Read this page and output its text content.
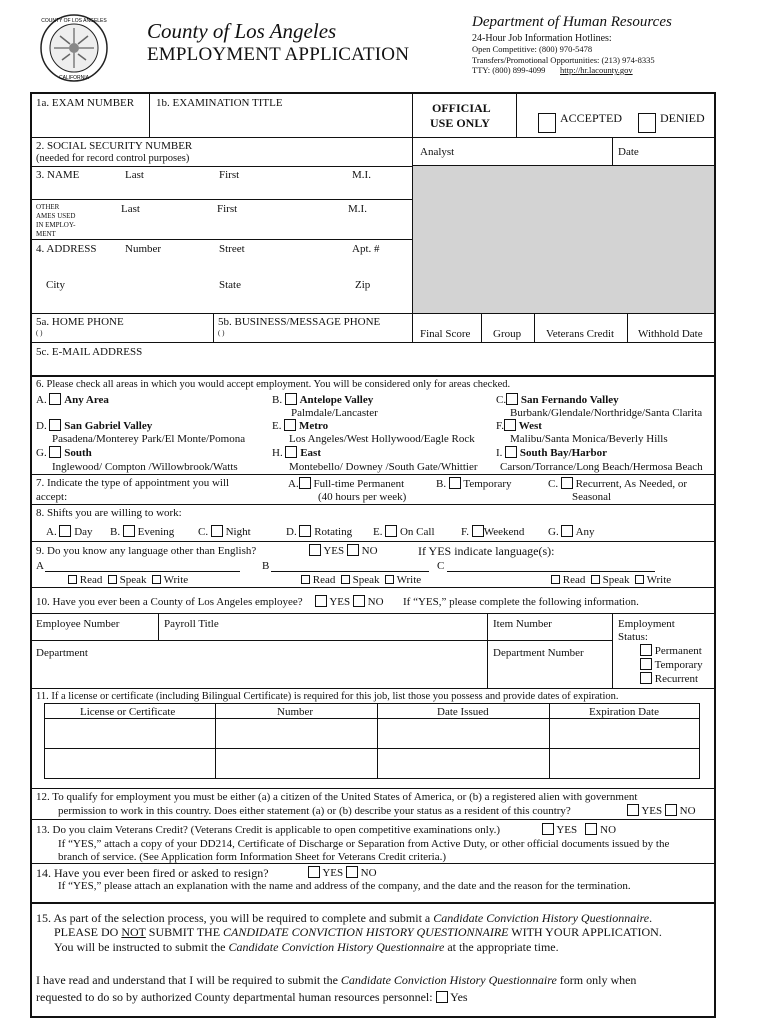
COUNTY OF LOS ANGELES
CALIFORNIA
County of Los Angeles
EMPLOYMENT APPLICATION
Department of Human Resources
24-Hour Job Information Hotlines:
Open Competitive: (800) 970-5478
Transfers/Promotional Opportunities: (213) 974-8335
TTY: (800) 899-4099 http://hr.lacounty.gov
1a. EXAM NUMBER 1b. EXAMINATION TITLE	OFFICIAL
USE ONLY	ACCEPTED	DENIED
Analyst	Date
Final Score Group Veterans Credit Withhold Date
2. SOCIAL SECURITY NUMBER
(needed for record control purposes)
3. NAME	Last	First	M.I.
OTHER
AMES USED
IN EMPLOY-
MENT
Last	First	M.I.
4. ADDRESS	Number	Street	Apt. #
City	State	Zip
5a. HOME PHONE
( )
5b. BUSINESS/MESSAGE PHONE
( )
5c. E-MAIL ADDRESS
6. Please check all areas in which you would accept employment. You will be considered only for areas checked.
A. Any Area	B. Antelope Valley
Palmdale/Lancaster
C. San Fernando Valley
Burbank/Glendale/Northridge/Santa Clarita
D. San Gabriel Valley
Pasadena/Monterey Park/El Monte/Pomona
E. Metro
Los Angeles/West Hollywood/Eagle Rock
F. West
Malibu/Santa Monica/Beverly Hills
G. South
Inglewood/ Compton /Willowbrook/Watts
H. East
Montebello/ Downey /South Gate/Whittier
I. South Bay/Harbor
Carson/Torrance/Long Beach/Hermosa Beach
7. Indicate the type of appointment you will
accept:
A. Full-time Permanent
(40 hours per week)
B. Temporary	C. Recurrent, As Needed, or
Seasonal
8. Shifts you are willing to work:
A. Day B. Evening C. Night	D. Rotating E. On Call F. Weekend G. Any
9. Do you know any language other than English?	YES NO	If YES indicate language(s):
A	B	C
Read Speak Write	Read Speak Write	Read Speak Write
10. Have you ever been a County of Los Angeles employee?	YES NO If “YES,” please complete the following information.
Employee Number	Payroll Title	Item Number	Employment
Status:
Department	Department Number	Permanent
Temporary
Recurrent
11. If a license or certificate (including Bilingual Certificate) is required for this job, list those you possess and provide dates of expiration.
License or Certificate	Number	Date Issued	Expiration Date
12. To qualify for employment you must be either (a) a citizen of the United States of America, or (b) a registered alien with government
permission to work in this country. Does either statement (a) or (b) describe your status as a resident of this country?	YES NO
13. Do you claim Veterans Credit? (Veterans Credit is applicable to open competitive examinations only.)	YES NO
If “YES,” attach a copy of your DD214, Certificate of Discharge or Separation from Active Duty, or other official documents issued by the
branch of service. (See Application form Information Sheet for Veterans Credit criteria.)
14. Have you ever been fired or asked to resign?	YES NO
If “YES,” please attach an explanation with the name and address of the company, and the date and the reason for the termination.
15. As part of the selection process, you will be required to complete and submit a Candidate Conviction History Questionnaire.
PLEASE DO NOT SUBMIT THE CANDIDATE CONVICTION HISTORY QUESTIONNAIRE WITH YOUR APPLICATION.
You will be instructed to submit the Candidate Conviction History Questionnaire at the appropriate time.
I have read and understand that I will be required to submit the Candidate Conviction History Questionnaire form only when
requested to do so by authorized County departmental human resources personnel: Yes
